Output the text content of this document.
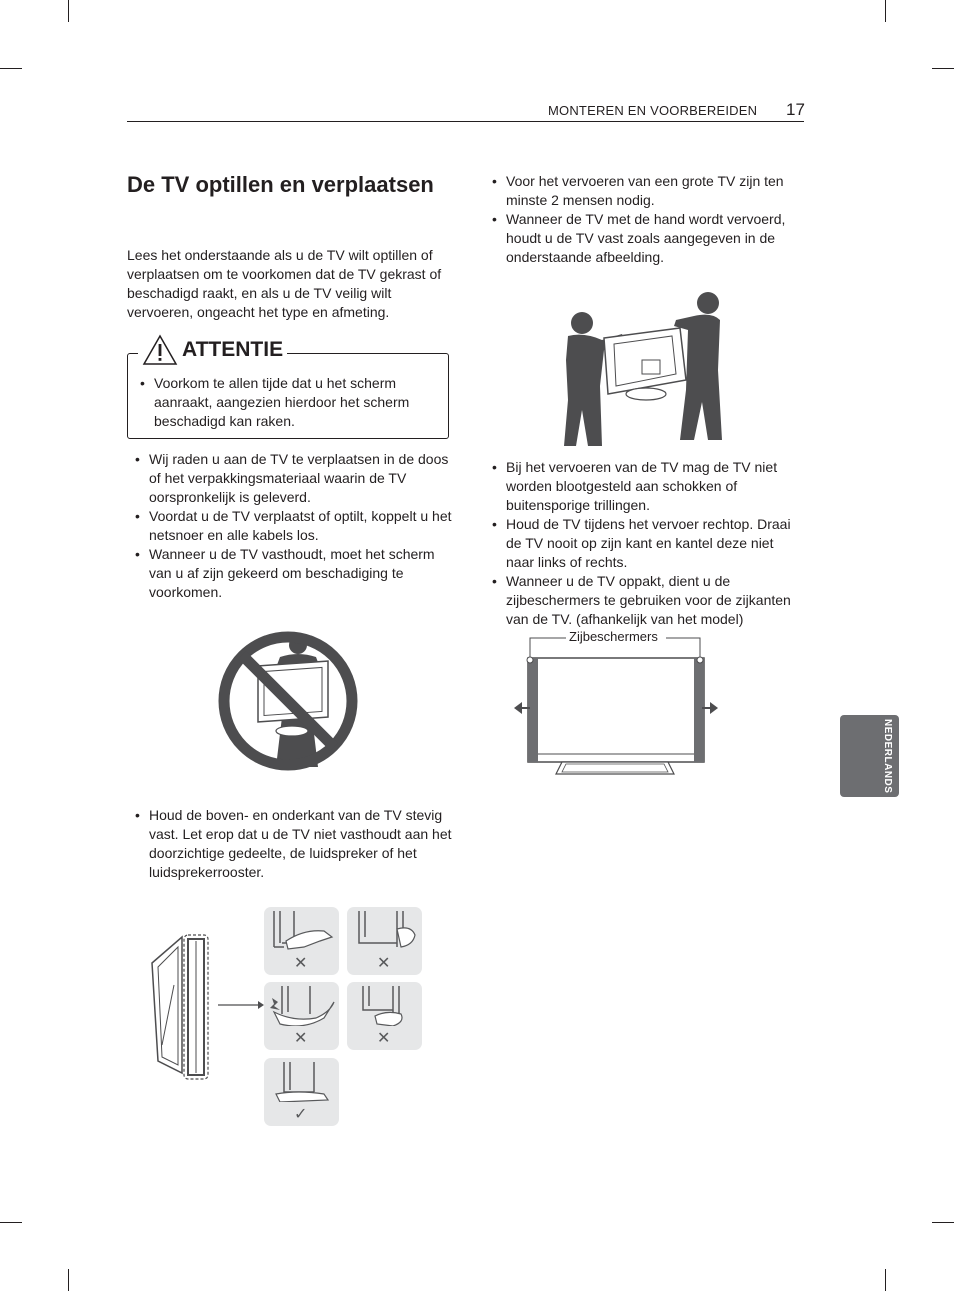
MONTEREN EN VOORBEREIDEN 17
De TV optillen en verplaatsen
Lees het onderstaande als u de TV wilt optillen of verplaatsen om te voorkomen dat de TV gekrast of beschadigd raakt, en als u de TV veilig wilt vervoeren, ongeacht het type en afmeting.
ATTENTIE
• Voorkom te allen tijde dat u het scherm aanraakt, aangezien hierdoor het scherm beschadigd kan raken.
• Wij raden u aan de TV te verplaatsen in de doos of het verpakkingsmateriaal waarin de TV oorspronkelijk is geleverd.
• Voordat u de TV verplaatst of optilt, koppelt u het netsnoer en alle kabels los.
• Wanneer u de TV vasthoudt, moet het scherm van u af zijn gekeerd om beschadiging te voorkomen.
• Houd de boven- en onderkant van de TV stevig vast. Let erop dat u de TV niet vasthoudt aan het doorzichtige gedeelte, de luidspreker of het luidsprekerrooster.
✕	✕
✕	✕
✓
• Voor het vervoeren van een grote TV zijn ten minste 2 mensen nodig.
• Wanneer de TV met de hand wordt vervoerd, houdt u de TV vast zoals aangegeven in de onderstaande afbeelding.
• Bij het vervoeren van de TV mag de TV niet worden blootgesteld aan schokken of buitensporige trillingen.
• Houd de TV tijdens het vervoer rechtop. Draai de TV nooit op zijn kant en kantel deze niet naar links of rechts.
• Wanneer u de TV oppakt, dient u de zijbeschermers te gebruiken voor de zijkanten van de TV. (afhankelijk van het model)
Zijbeschermers
NEDERLANDS
